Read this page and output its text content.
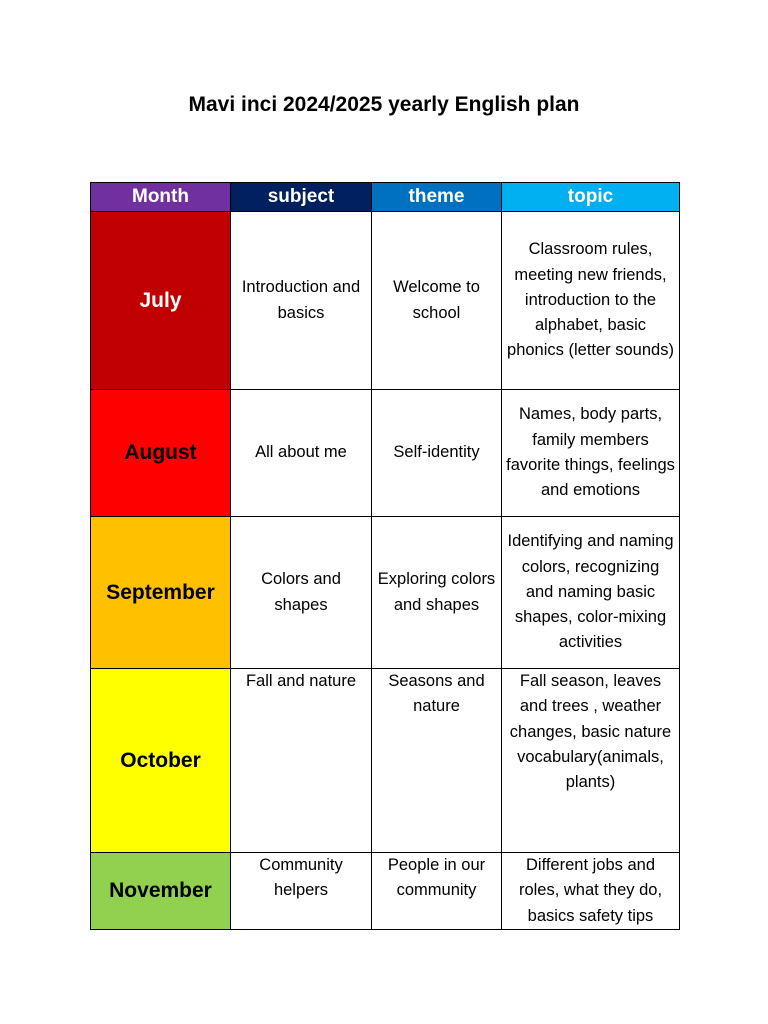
Mavi inci 2024/2025 yearly English plan
Month	subject	theme	topic
July	Introduction and basics	Welcome to school	Classroom rules, meeting new friends, introduction to the alphabet, basic phonics (letter sounds)
August	All about me	Self-identity	Names, body parts, family members favorite things, feelings and emotions
September	Colors and shapes	Exploring colors and shapes	Identifying and naming colors, recognizing and naming basic shapes, color-mixing activities
October	Fall and nature	Seasons and nature	Fall season, leaves and trees , weather changes, basic nature vocabulary(animals, plants)
November	Community helpers	People in our community	Different jobs and roles, what they do, basics safety tips
